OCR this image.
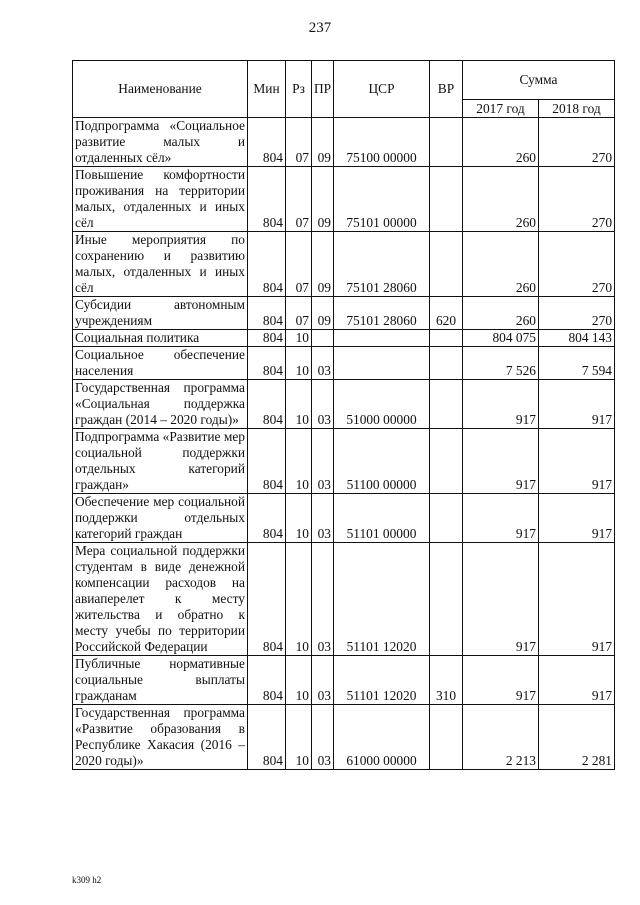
237
Наименование	Мин	Рз	ПР	ЦСР	ВР	Сумма	
						2017 год	2018 год
Подпрограмма «Социальное развитие малых и отдаленных сёл»	804	07	09	75100 00000		260	270
Повышение комфортности проживания на территории малых, отдаленных и иных сёл	804	07	09	75101 00000		260	270
Иные мероприятия по сохранению и развитию малых, отдаленных и иных сёл	804	07	09	75101 28060		260	270
Субсидии автономным учреждениям	804	07	09	75101 28060	620	260	270
Социальная политика	804	10				804 075	804 143
Социальное обеспечение населения	804	10	03			7 526	7 594
Государственная программа «Социальная поддержка граждан (2014 – 2020 годы)»	804	10	03	51000 00000		917	917
Подпрограмма «Развитие мер социальной поддержки отдельных категорий граждан»	804	10	03	51100 00000		917	917
Обеспечение мер социальной поддержки отдельных категорий граждан	804	10	03	51101 00000		917	917
Мера социальной поддержки студентам в виде денежной компенсации расходов на авиаперелет к месту жительства и обратно к месту учебы по территории Российской Федерации	804	10	03	51101 12020		917	917
Публичные нормативные социальные выплаты гражданам	804	10	03	51101 12020	310	917	917
Государственная программа «Развитие образования в Республике Хакасия (2016 – 2020 годы)»	804	10	03	61000 00000		2 213	2 281
k309 h2
